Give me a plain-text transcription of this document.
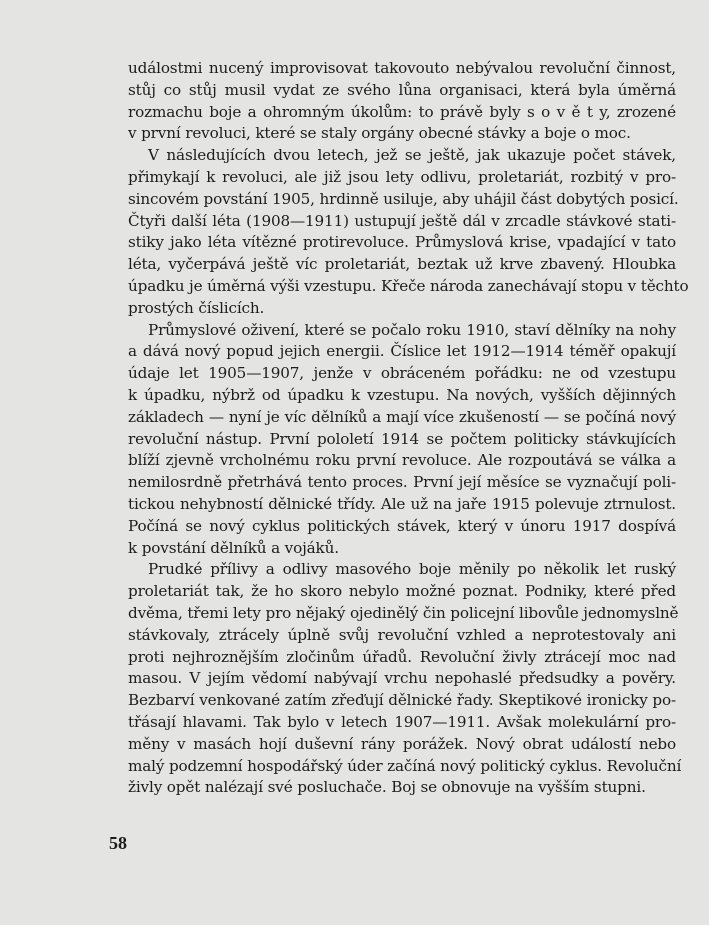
událostmi nucený improvisovat takovouto nebývalou revoluční činnost,
stůj co stůj musil vydat ze svého lůna organisaci, která byla úměrná
rozmachu boje a ohromným úkolům: to právě byly s o v ě t y, zrozené
v první revoluci, které se staly orgány obecné stávky a boje o moc.
V následujících dvou letech, jež se ještě, jak ukazuje počet stávek,
přimykají k revoluci, ale již jsou lety odlivu, proletariát, rozbitý v pro-
sincovém povstání 1905, hrdinně usiluje, aby uhájil část dobytých posicí.
Čtyři další léta (1908—1911) ustupují ještě dál v zrcadle stávkové stati-
stiky jako léta vítězné protirevoluce. Průmyslová krise, vpadající v tato
léta, vyčerpává ještě víc proletariát, beztak už krve zbavený. Hloubka
úpadku je úměrná výši vzestupu. Křeče národa zanechávají stopu v těchto
prostých číslicích.
Průmyslové oživení, které se počalo roku 1910, staví dělníky na nohy
a dává nový popud jejich energii. Číslice let 1912—1914 téměř opakují
údaje let 1905—1907, jenže v obráceném pořádku: ne od vzestupu
k úpadku, nýbrž od úpadku k vzestupu. Na nových, vyšších dějinných
základech — nyní je víc dělníků a mají více zkušeností — se počíná nový
revoluční nástup. První pololetí 1914 se počtem politicky stávkujících
blíží zjevně vrcholnému roku první revoluce. Ale rozpoutává se válka a
nemilosrdně přetrhává tento proces. První její měsíce se vyznačují poli-
tickou nehybností dělnické třídy. Ale už na jaře 1915 polevuje ztrnulost.
Počíná se nový cyklus politických stávek, který v únoru 1917 dospívá
k povstání dělníků a vojáků.
Prudké přílivy a odlivy masového boje měnily po několik let ruský
proletariát tak, že ho skoro nebylo možné poznat. Podniky, které před
dvěma, třemi lety pro nějaký ojedinělý čin policejní libovůle jednomyslně
stávkovaly, ztrácely úplně svůj revoluční vzhled a neprotestovaly ani
proti nejhroznějším zločinům úřadů. Revoluční živly ztrácejí moc nad
masou. V jejím vědomí nabývají vrchu nepohaslé předsudky a pověry.
Bezbarví venkované zatím zřeďují dělnické řady. Skeptikové ironicky po-
třásají hlavami. Tak bylo v letech 1907—1911. Avšak molekulární pro-
měny v masách hojí duševní rány porážek. Nový obrat událostí nebo
malý podzemní hospodářský úder začíná nový politický cyklus. Revoluční
živly opět nalézají své posluchače. Boj se obnovuje na vyšším stupni.
58
